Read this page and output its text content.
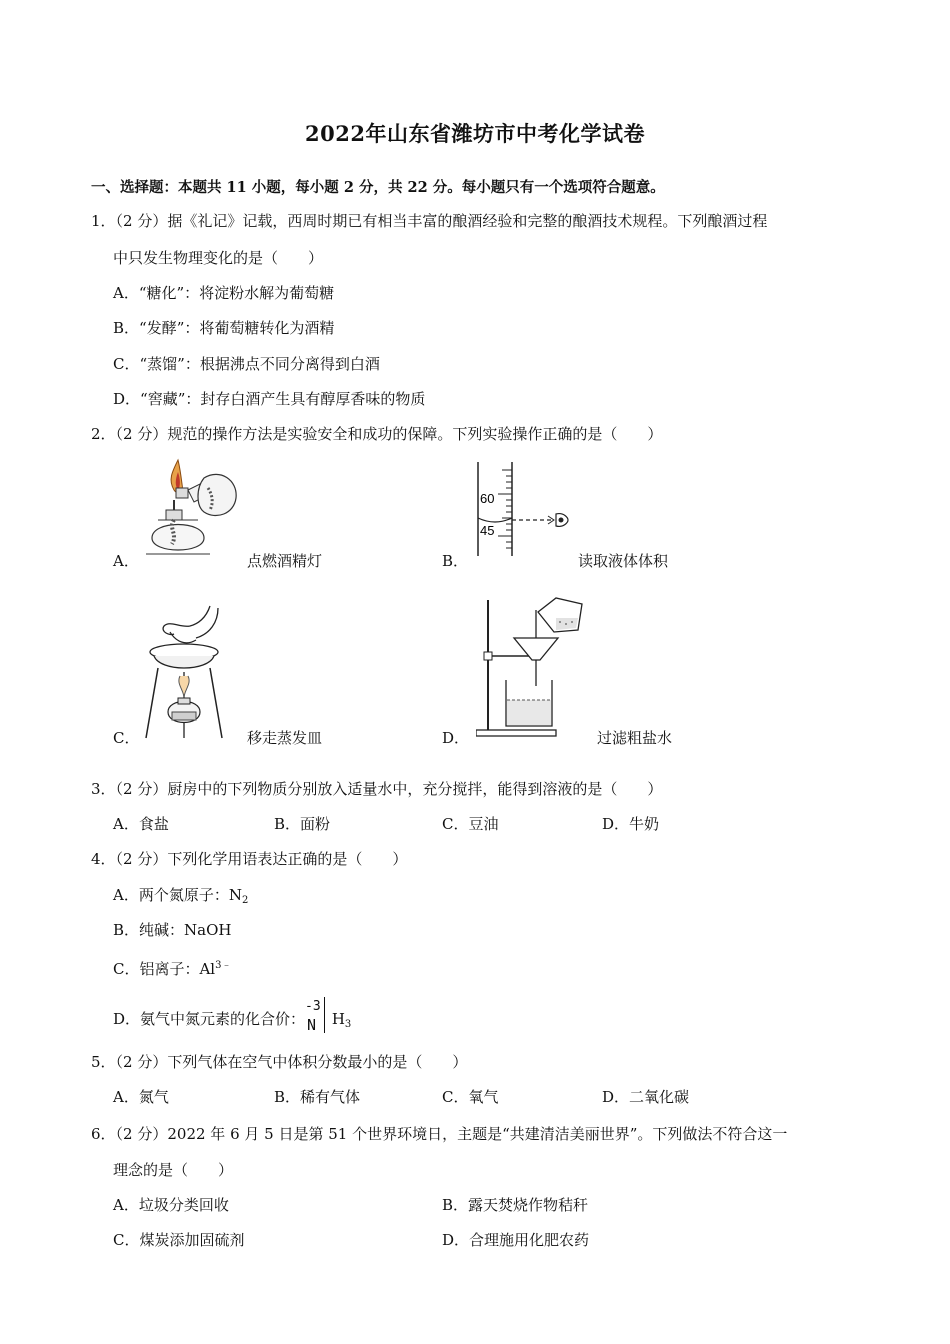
2022年山东省潍坊市中考化学试卷
一、选择题：本题共 11 小题，每小题 2 分，共 22 分。每小题只有一个选项符合题意。
1．（2 分）据《礼记》记载，西周时期已有相当丰富的酿酒经验和完整的酿酒技术规程。下列酿酒过程
中只发生物理变化的是（　　）
A．“糖化”：将淀粉水解为葡萄糖
B．“发酵”：将葡萄糖转化为酒精
C．“蒸馏”：根据沸点不同分离得到白酒
D．“窖藏”：封存白酒产生具有醇厚香味的物质
2．（2 分）规范的操作方法是实验安全和成功的保障。下列实验操作正确的是（　　）
A．	点燃酒精灯
60
45
B．	读取液体体积
C．	移走蒸发皿	D．	过滤粗盐水
3．（2 分）厨房中的下列物质分别放入适量水中，充分搅拌，能得到溶液的是（　　）
A．食盐	B．面粉	C．豆油	D．牛奶
4．（2 分）下列化学用语表达正确的是（　　）
A．两个氮原子：$N_2$
B．纯碱：NaOH
C．铝离子：$Al^{3﹣}$
D．氨气中氮元素的化合价：
-3
N $H_3$
5．（2 分）下列气体在空气中体积分数最小的是（　　）
A．氮气	B．稀有气体	C．氧气	D．二氧化碳
6．（2 分）2022 年 6 月 5 日是第 51 个世界环境日，主题是“共建清洁美丽世界”。下列做法不符合这一
理念的是（　　）
A．垃圾分类回收	B．露天焚烧作物秸秆
C．煤炭添加固硫剂	D．合理施用化肥农药
